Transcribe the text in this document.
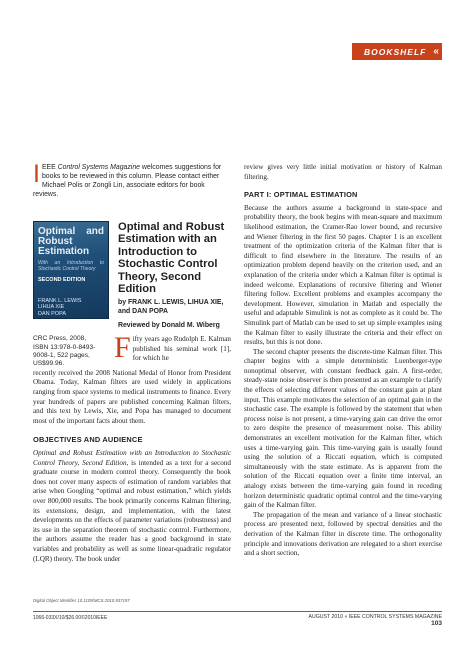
BOOKSHELF «
IEEE Control Systems Magazine welcomes suggestions for books to be reviewed in this column. Please contact either Michael Polis or Zongli Lin, associate editors for book reviews.
Optimal and Robust Estimation
With an Introduction to Stochastic Control Theory
SECOND EDITION
FRANK L. LEWIS
LIHUA XIE
DAN POPA
Optimal and Robust Estimation with an Introduction to Stochastic Control Theory, Second Edition
by FRANK L. LEWIS, LIHUA XIE, and DAN POPA
Reviewed by Donald M. Wiberg
CRC Press, 2008, ISBN 13:978-0-8493-9008-1, 522 pages, US$99.96.	Fifty years ago Rudolph E. Kalman published his seminal work [1], for which he

recently received the 2008 National Medal of Honor from President Obama. Today, Kalman filters are used widely in applications ranging from space systems to medical instruments to finance. Every year hundreds of papers are published concerning Kalman filters, and this text by Lewis, Xie, and Popa has managed to document most of the important facts about them.

OBJECTIVES AND AUDIENCE

Optimal and Robust Estimation with an Introduction to Stochastic Control Theory, Second Edition, is intended as a text for a second graduate course in modern control theory. Consequently the book does not cover many aspects of estimation of random variables that arise when Googling “optimal and robust estimation,” which yields over 800,000 results. The book primarily concerns Kalman filtering, its extensions, design, and implementation, with the latest developments on the effects of parameter variations (robustness) and its use in the separation theorem of stochastic control. Furthermore, the authors assume the reader has a good background in state variables and probability as well as some linear-quadratic regulator (LQR) theory. The book under

review gives very little initial motivation or history of Kalman filtering.

PART I: OPTIMAL ESTIMATION

Because the authors assume a background in state-space and probability theory, the book begins with mean-square and maximum likelihood estimation, the Cramer-Rao lower bound, and recursive and Wiener filtering in the first 50 pages. Chapter 1 is an excellent treatment of the optimization criteria of the Kalman filter that is difficult to find elsewhere in the literature. The results of an optimization problem depend heavily on the criterion used, and an explanation of the criteria under which a Kalman filter is optimal is indeed welcome. Explanations of recursive filtering and Wiener filtering follow. Excellent problems and examples accompany the development. However, simulation in Matlab and especially the useful and adaptable Simulink is not as complete as it could be. The Simulink part of Matlab can be used to set up simple examples using the Kalman filter to easily illustrate the criteria and their effect on results, but this is not done.

The second chapter presents the discrete-time Kalman filter. This chapter begins with a simple deterministic Luenberger-type nonoptimal observer, with constant feedback gain. A first-order, steady-state noise observer is then presented as an example to clarify the effects of selecting different values of the constant gain at plant input. This example motivates the selection of an optimal gain in the stochastic case. The example is followed by the statement that when process noise is not present, a time-varying gain can drive the error to zero despite the presence of measurement noise. This ability demonstrates an excellent motivation for the Kalman filter, which uses a time-varying gain. This time-varying gain is usually found using the solution of a Riccati equation, which is computed simultaneously with the state estimate. As is apparent from the solution of the Riccati equation over a finite time interval, an analogy exists between the time-varying gain found in receding horizon deterministic quadratic optimal control and the time-varying gain of the Kalman filter.

The propagation of the mean and variance of a linear stochastic process are presented next, followed by spectral densities and the derivation of the Kalman filter in discrete time. The orthogonality principle and innovations derivation are relegated to a short exercise and a short section,

Digital Object Identifier 10.1109/MCS.2010.937197
1066-033X/10/$26.00©2010IEEE	AUGUST 2010 « IEEE CONTROL SYSTEMS MAGAZINE 103
